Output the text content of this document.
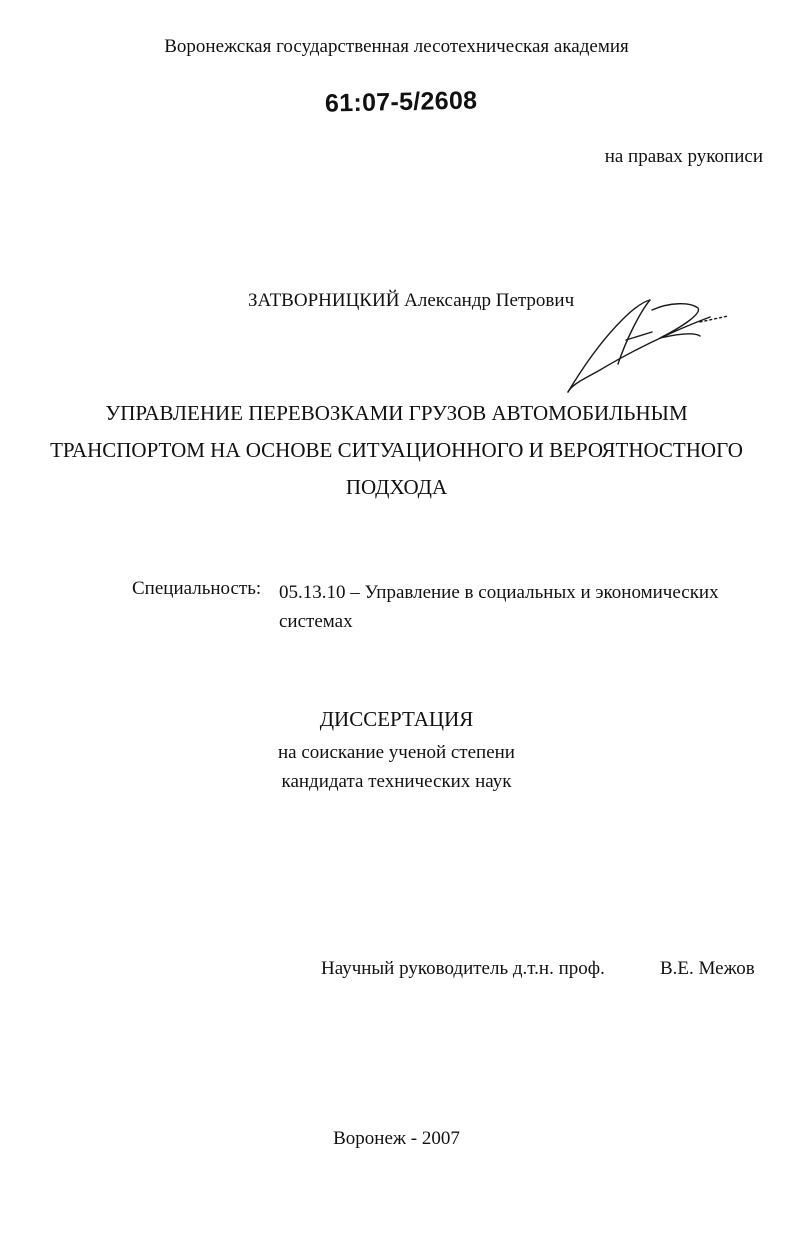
Воронежская государственная лесотехническая академия
61:07-5/2608
на правах рукописи
ЗАТВОРНИЦКИЙ Александр Петрович
УПРАВЛЕНИЕ ПЕРЕВОЗКАМИ ГРУЗОВ АВТОМОБИЛЬНЫМ
ТРАНСПОРТОМ НА ОСНОВЕ СИТУАЦИОННОГО И ВЕРОЯТНОСТНОГО
ПОДХОДА
Специальность: 05.13.10 – Управление в социальных и экономических
системах
ДИССЕРТАЦИЯ
на соискание ученой степени
кандидата технических наук
Научный руководитель д.т.н. проф.	В.Е. Межов
Воронеж - 2007
